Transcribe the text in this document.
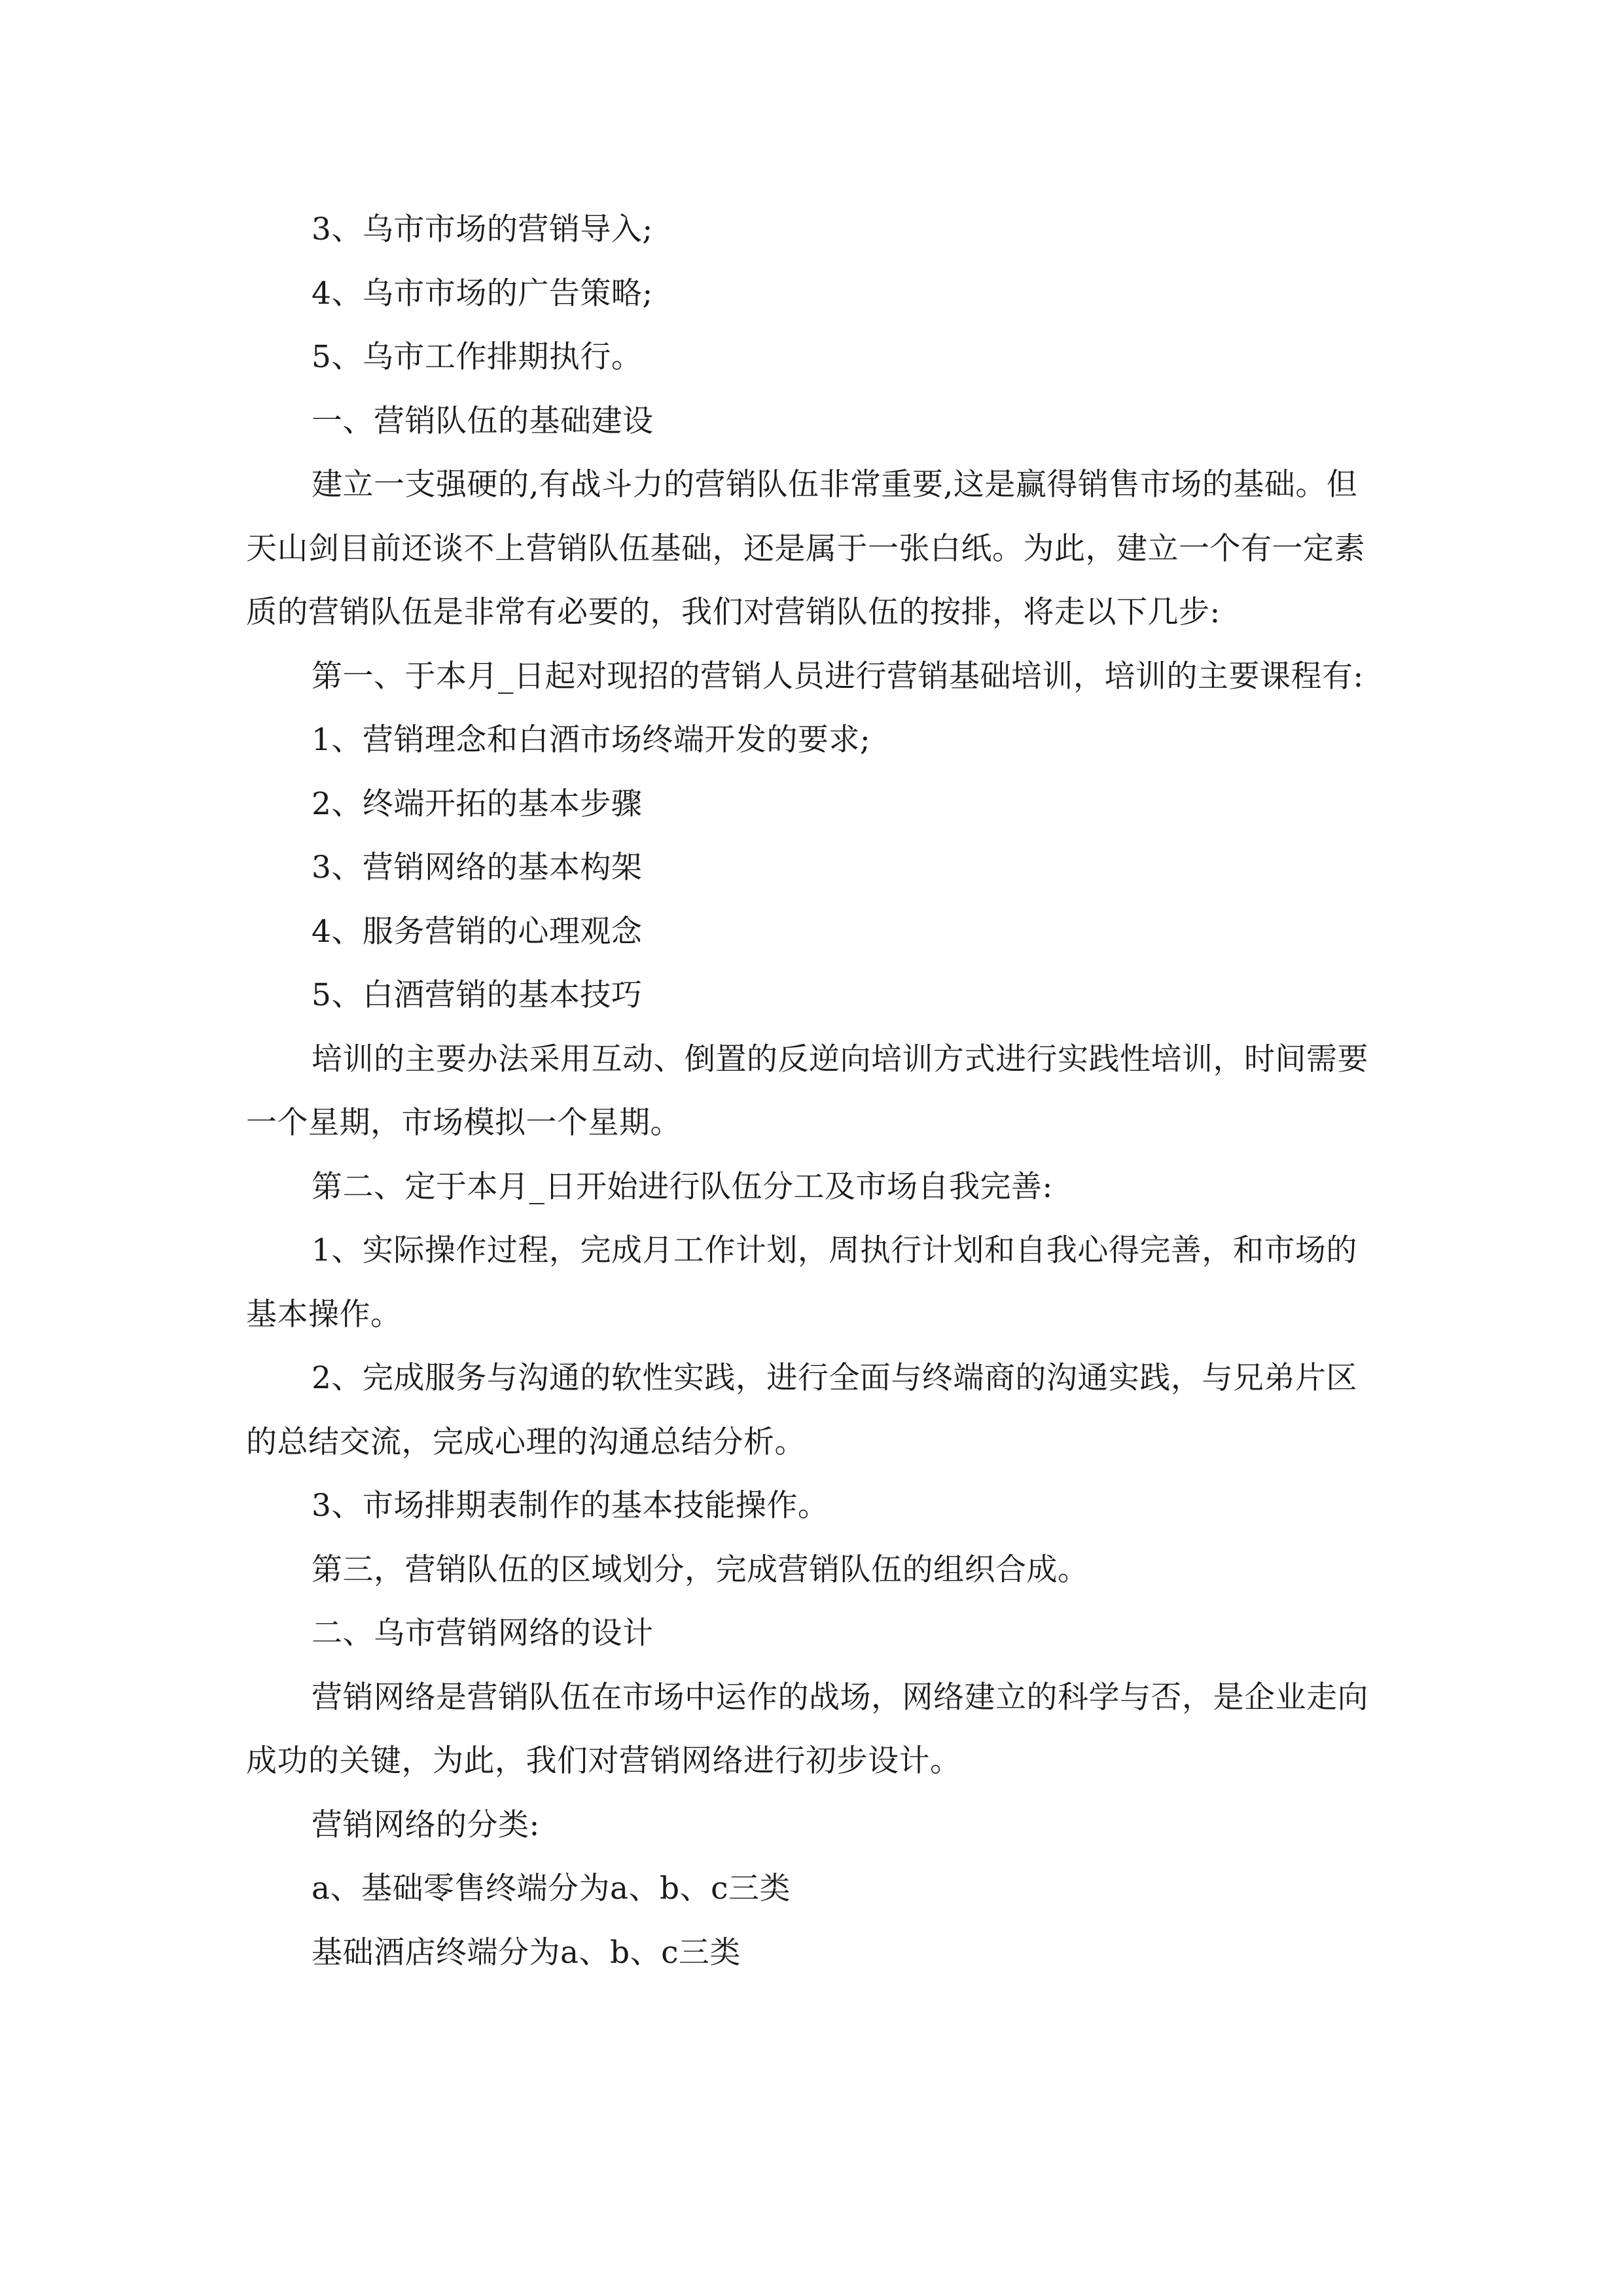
3、乌市市场的营销导入;

4、乌市市场的广告策略;

5、乌市工作排期执行。

一、营销队伍的基础建设

建立一支强硬的,有战斗力的营销队伍非常重要,这是赢得销售市场的基础。但天山剑目前还谈不上营销队伍基础，还是属于一张白纸。为此，建立一个有一定素质的营销队伍是非常有必要的，我们对营销队伍的按排，将走以下几步:

第一、于本月_日起对现招的营销人员进行营销基础培训，培训的主要课程有:

1、营销理念和白酒市场终端开发的要求;

2、终端开拓的基本步骤

3、营销网络的基本构架

4、服务营销的心理观念

5、白酒营销的基本技巧

培训的主要办法采用互动、倒置的反逆向培训方式进行实践性培训，时间需要一个星期，市场模拟一个星期。

第二、定于本月_日开始进行队伍分工及市场自我完善:

1、实际操作过程，完成月工作计划，周执行计划和自我心得完善，和市场的基本操作。

2、完成服务与沟通的软性实践，进行全面与终端商的沟通实践，与兄弟片区的总结交流，完成心理的沟通总结分析。

3、市场排期表制作的基本技能操作。

第三，营销队伍的区域划分，完成营销队伍的组织合成。

二、乌市营销网络的设计

营销网络是营销队伍在市场中运作的战场，网络建立的科学与否，是企业走向成功的关键，为此，我们对营销网络进行初步设计。

营销网络的分类:

a、基础零售终端分为a、b、c三类

基础酒店终端分为a、b、c三类
